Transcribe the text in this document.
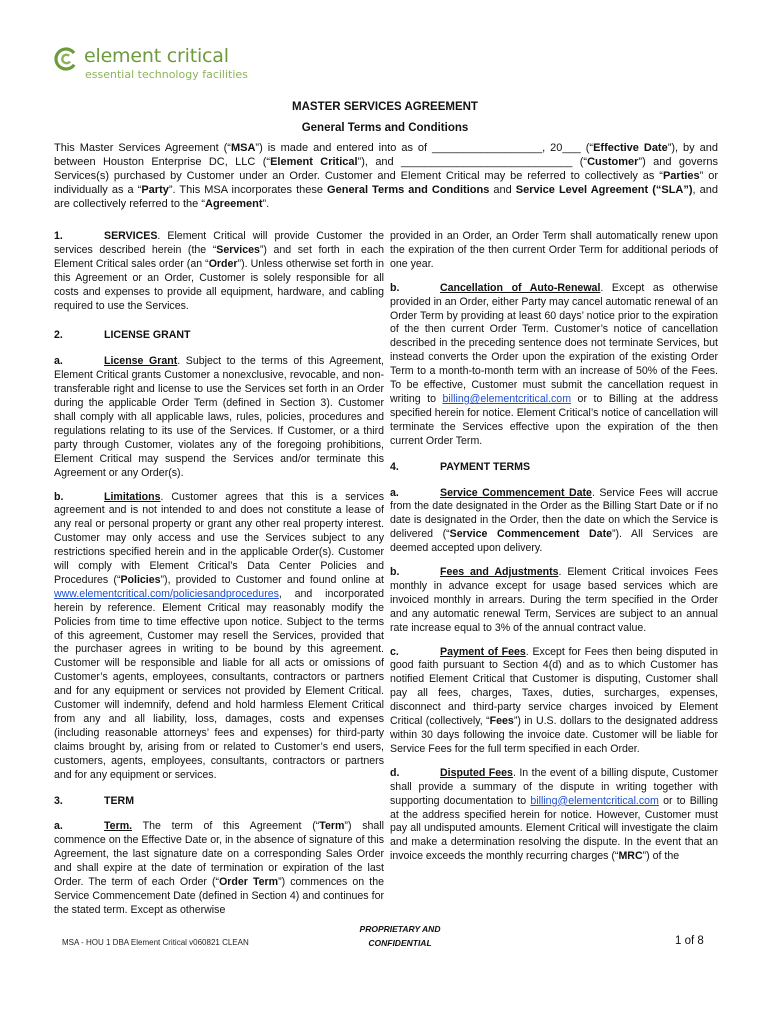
element critical
essential technology facilities
MASTER SERVICES AGREEMENT
General Terms and Conditions

This Master Services Agreement (“MSA”) is made and entered into as of __________________, 20___ (“Effective Date”), by and between Houston Enterprise DC, LLC (“Element Critical”), and ____________________________ (“Customer”) and governs Services(s) purchased by Customer under an Order. Customer and Element Critical may be referred to collectively as “Parties” or individually as a “Party”. This MSA incorporates these General Terms and Conditions and Service Level Agreement (“SLA”), and are collectively referred to the “Agreement”.

1.	SERVICES. Element Critical will provide Customer the services described herein (the “Services”) and set forth in each Element Critical sales order (an “Order”). Unless otherwise set forth in this Agreement or an Order, Customer is solely responsible for all costs and expenses to provide all equipment, hardware, and cabling required to use the Services.

2.	LICENSE GRANT

a.	License Grant. Subject to the terms of this Agreement, Element Critical grants Customer a nonexclusive, revocable, and non-transferable right and license to use the Services set forth in an Order during the applicable Order Term (defined in Section 3). Customer shall comply with all applicable laws, rules, policies, procedures and regulations relating to its use of the Services. If Customer, or a third party through Customer, violates any of the foregoing prohibitions, Element Critical may suspend the Services and/or terminate this Agreement or any Order(s).

b.	Limitations. Customer agrees that this is a services agreement and is not intended to and does not constitute a lease of any real or personal property or grant any other real property interest. Customer may only access and use the Services subject to any restrictions specified herein and in the applicable Order(s). Customer will comply with Element Critical’s Data Center Policies and Procedures (“Policies”), provided to Customer and found online at www.elementcritical.com/policiesandprocedures, and incorporated herein by reference. Element Critical may reasonably modify the Policies from time to time effective upon notice. Subject to the terms of this agreement, Customer may resell the Services, provided that the purchaser agrees in writing to be bound by this agreement. Customer will be responsible and liable for all acts or omissions of Customer’s agents, employees, consultants, contractors or partners and for any equipment or services not provided by Element Critical. Customer will indemnify, defend and hold harmless Element Critical from any and all liability, loss, damages, costs and expenses (including reasonable attorneys’ fees and expenses) for third-party claims brought by, arising from or related to Customer’s end users, customers, agents, employees, consultants, contractors or partners and for any equipment or services.

3.	TERM

a.	Term. The term of this Agreement (“Term”) shall commence on the Effective Date or, in the absence of signature of this Agreement, the last signature date on a corresponding Sales Order and shall expire at the date of termination or expiration of the last Order. The term of each Order (“Order Term”) commences on the Service Commencement Date (defined in Section 4) and continues for the stated term. Except as otherwise

provided in an Order, an Order Term shall automatically renew upon the expiration of the then current Order Term for additional periods of one year.

b.	Cancellation of Auto-Renewal. Except as otherwise provided in an Order, either Party may cancel automatic renewal of an Order Term by providing at least 60 days’ notice prior to the expiration of the then current Order Term. Customer’s notice of cancellation described in the preceding sentence does not terminate Services, but instead converts the Order upon the expiration of the existing Order Term to a month-to-month term with an increase of 50% of the Fees. To be effective, Customer must submit the cancellation request in writing to billing@elementcritical.com or to Billing at the address specified herein for notice. Element Critical’s notice of cancellation will terminate the Services effective upon the expiration of the then current Order Term.

4.	PAYMENT TERMS

a.	Service Commencement Date. Service Fees will accrue from the date designated in the Order as the Billing Start Date or if no date is designated in the Order, then the date on which the Service is delivered (“Service Commencement Date”). All Services are deemed accepted upon delivery.

b.	Fees and Adjustments. Element Critical invoices Fees monthly in advance except for usage based services which are invoiced monthly in arrears. During the term specified in the Order and any automatic renewal Term, Services are subject to an annual rate increase equal to 3% of the annual contract value.

c.	Payment of Fees. Except for Fees then being disputed in good faith pursuant to Section 4(d) and as to which Customer has notified Element Critical that Customer is disputing, Customer shall pay all fees, charges, Taxes, duties, surcharges, expenses, disconnect and third-party service charges invoiced by Element Critical (collectively, “Fees”) in U.S. dollars to the designated address within 30 days following the invoice date. Customer will be liable for Service Fees for the full term specified in each Order.

d.	Disputed Fees. In the event of a billing dispute, Customer shall provide a summary of the dispute in writing together with supporting documentation to billing@elementcritical.com or to Billing at the address specified herein for notice. However, Customer must pay all undisputed amounts. Element Critical will investigate the claim and make a determination resolving the dispute. In the event that an invoice exceeds the monthly recurring charges (“MRC”) of the

MSA - HOU 1 DBA Element Critical v060821 CLEAN
PROPRIETARY AND
CONFIDENTIAL	1 of 8
